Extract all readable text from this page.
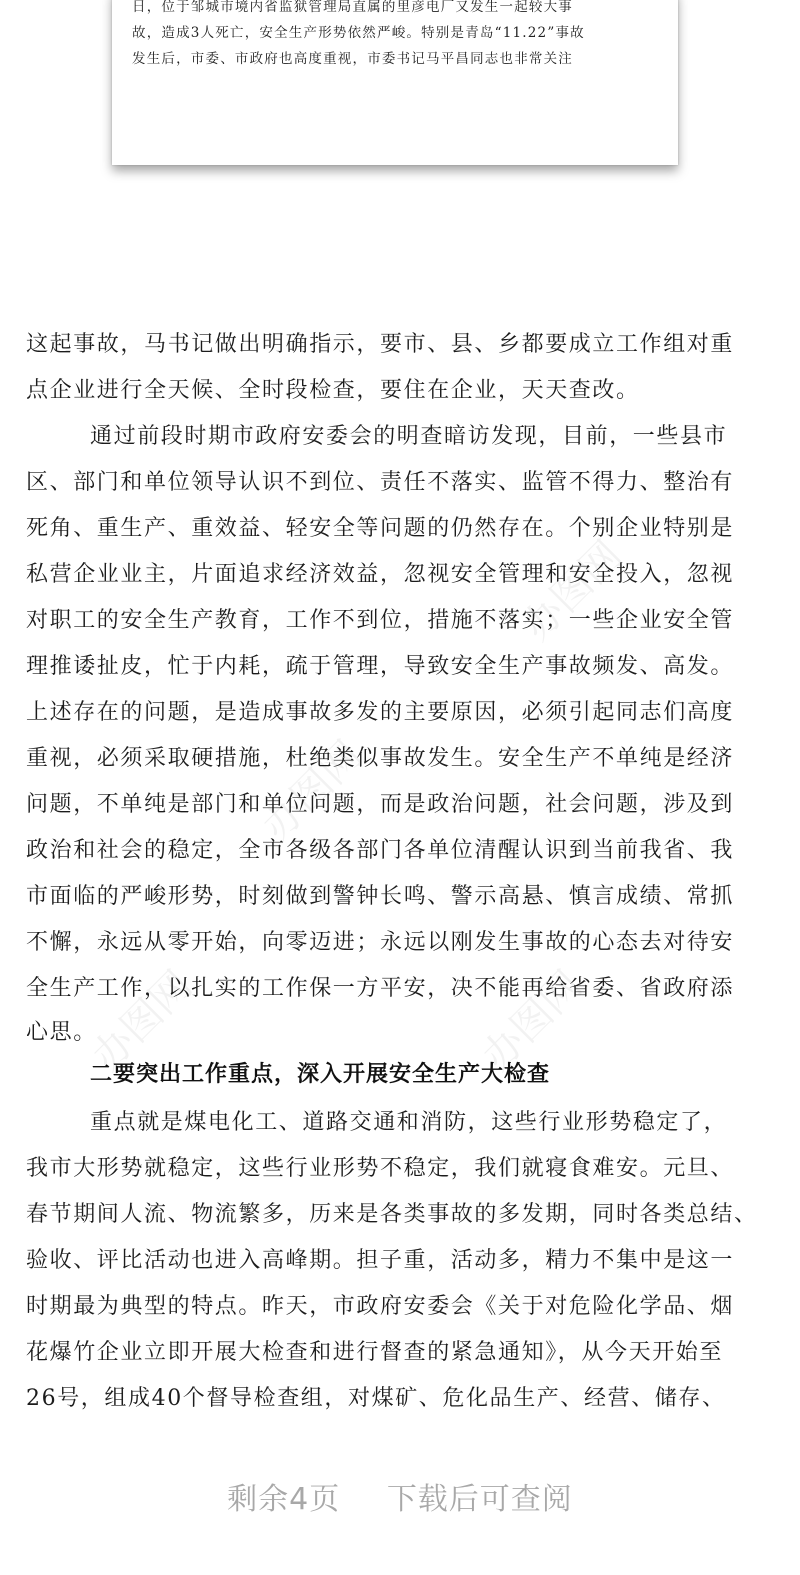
办图网
办图网
办图网
办图网
日，位于邹城市境内省监狱管理局直属的里彦电厂又发生一起较大事
故，造成3人死亡，安全生产形势依然严峻。特别是青岛“11.22”事故
发生后，市委、市政府也高度重视，市委书记马平昌同志也非常关注
这起事故，马书记做出明确指示，要市、县、乡都要成立工作组对重
点企业进行全天候、全时段检查，要住在企业，天天查改。
通过前段时期市政府安委会的明查暗访发现，目前，一些县市
区、部门和单位领导认识不到位、责任不落实、监管不得力、整治有
死角、重生产、重效益、轻安全等问题的仍然存在。个别企业特别是
私营企业业主，片面追求经济效益，忽视安全管理和安全投入，忽视
对职工的安全生产教育，工作不到位，措施不落实；一些企业安全管
理推诿扯皮，忙于内耗，疏于管理，导致安全生产事故频发、高发。
上述存在的问题，是造成事故多发的主要原因，必须引起同志们高度
重视，必须采取硬措施，杜绝类似事故发生。安全生产不单纯是经济
问题，不单纯是部门和单位问题，而是政治问题，社会问题，涉及到
政治和社会的稳定，全市各级各部门各单位清醒认识到当前我省、我
市面临的严峻形势，时刻做到警钟长鸣、警示高悬、慎言成绩、常抓
不懈，永远从零开始，向零迈进；永远以刚发生事故的心态去对待安
全生产工作，以扎实的工作保一方平安，决不能再给省委、省政府添
心思。
二要突出工作重点，深入开展安全生产大检查
重点就是煤电化工、道路交通和消防，这些行业形势稳定了，
我市大形势就稳定，这些行业形势不稳定，我们就寝食难安。元旦、
春节期间人流、物流繁多，历来是各类事故的多发期，同时各类总结、
验收、评比活动也进入高峰期。担子重，活动多，精力不集中是这一
时期最为典型的特点。昨天，市政府安委会《关于对危险化学品、烟
花爆竹企业立即开展大检查和进行督查的紧急通知》，从今天开始至
26号，组成40个督导检查组，对煤矿、危化品生产、经营、储存、
剩余4页 下载后可查阅
